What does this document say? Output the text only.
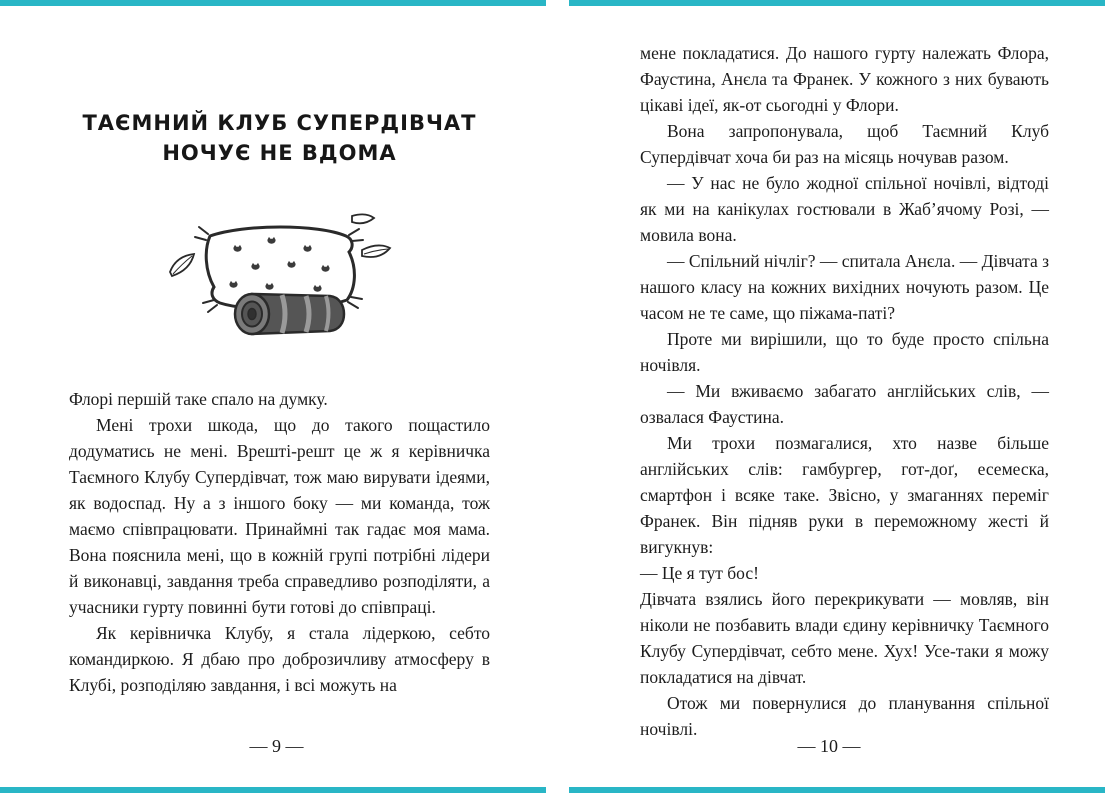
ТАЄМНИЙ КЛУБ СУПЕРДІВЧАТ
НОЧУЄ НЕ ВДОМА

Флорі першій таке спало на думку.

Мені трохи шкода, що до такого пощастило додуматись не мені. Врешті-решт це ж я керівничка Таємного Клубу Супердівчат, тож маю вирувати ідеями, як водоспад. Ну а з іншого боку — ми команда, тож маємо співпрацювати. Принаймні так гадає моя мама. Вона пояснила мені, що в кожній групі потрібні лідери й виконавці, завдання треба справедливо розподіляти, а учасники гурту повинні бути готові до співпраці.

Як керівничка Клубу, я стала лідеркою, себто командиркою. Я дбаю про доброзичливу атмосферу в Клубі, розподіляю завдання, і всі можуть на

— 9 —

мене покладатися. До нашого гурту належать Флора, Фаустина, Анєла та Франек. У кожного з них бувають цікаві ідеї, як-от сьогодні у Флори.

Вона запропонувала, щоб Таємний Клуб Супердівчат хоча би раз на місяць ночував разом.

— У нас не було жодної спільної ночівлі, відтоді як ми на канікулах гостювали в Жаб’ячому Розі, — мовила вона.

— Спільний нічліг? — спитала Анєла. — Дівчата з нашого класу на кожних вихідних ночують разом. Це часом не те саме, що піжама-паті?

Проте ми вирішили, що то буде просто спільна ночівля.

— Ми вживаємо забагато англійських слів, — озвалася Фаустина.

Ми трохи позмагалися, хто назве більше англійських слів: гамбургер, гот-доґ, есемеска, смартфон і всяке таке. Звісно, у змаганнях переміг Франек. Він підняв руки в переможному жесті й вигукнув:

— Це я тут бос!

Дівчата взялись його перекрикувати — мовляв, він ніколи не позбавить влади єдину керівничку Таємного Клубу Супердівчат, себто мене. Хух! Усе-таки я можу покладатися на дівчат.

Отож ми повернулися до планування спільної ночівлі.

— 10 —
